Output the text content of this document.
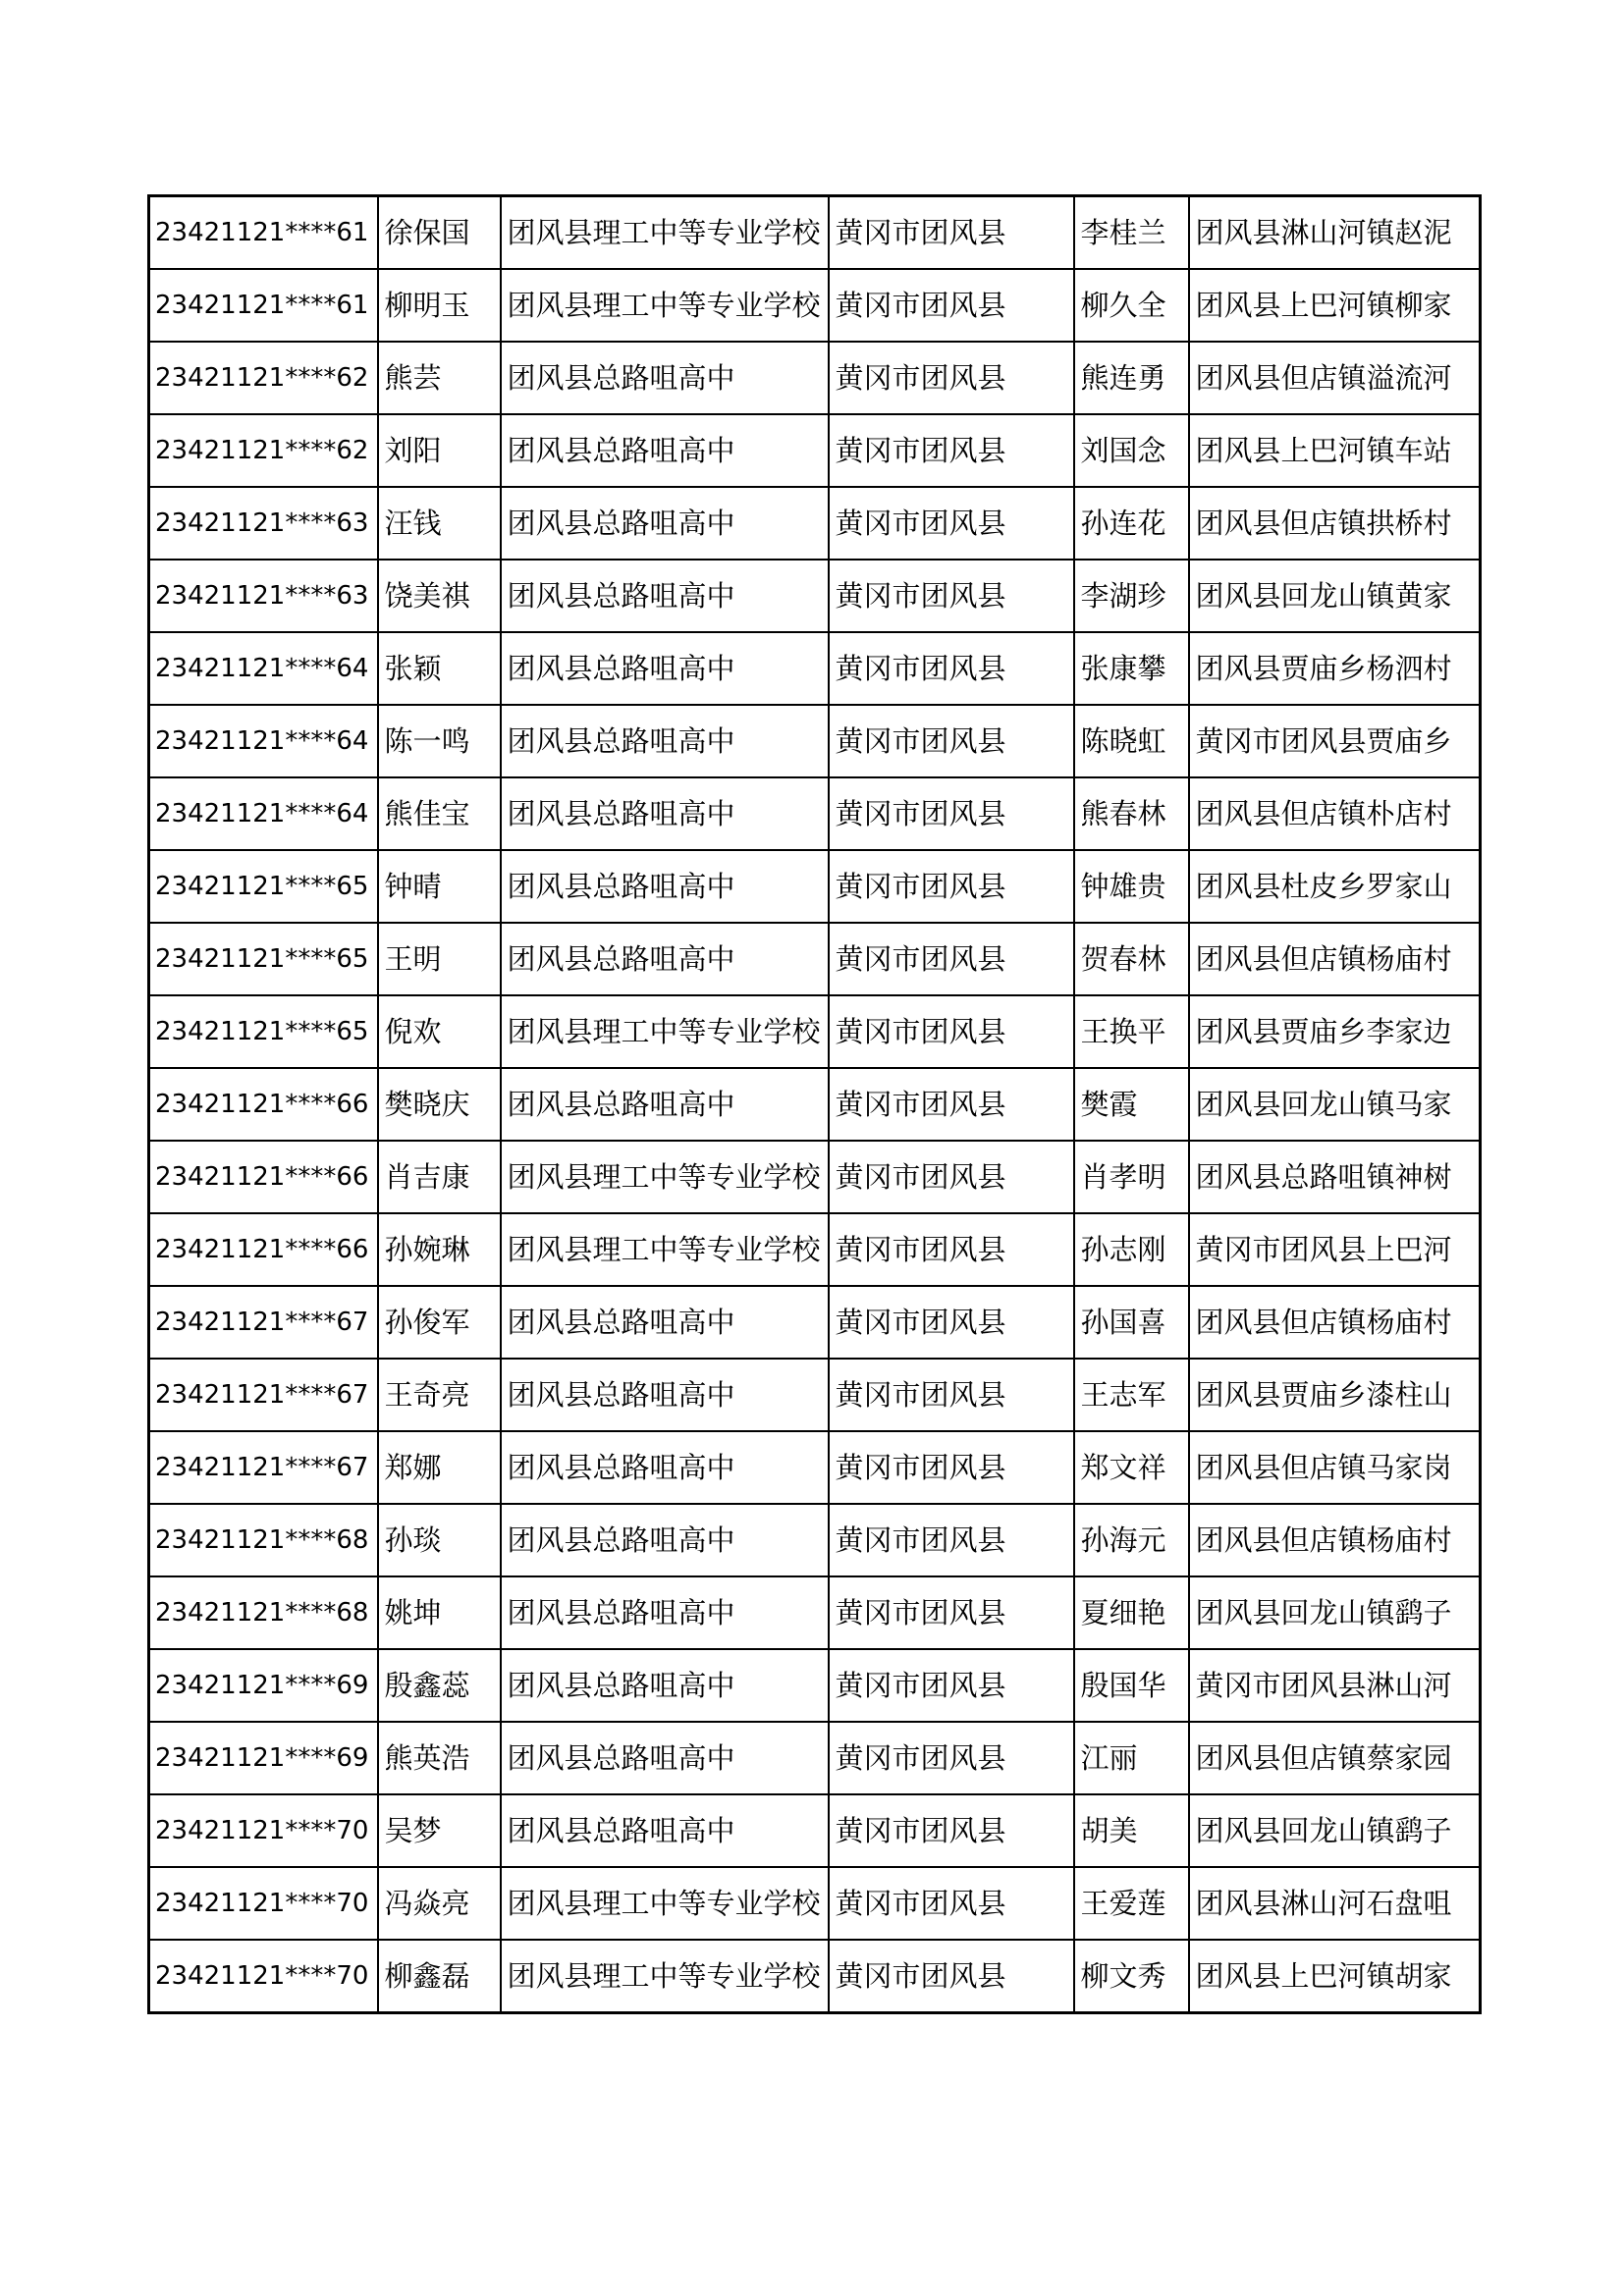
23421121****61	徐保国	团风县理工中等专业学校	黄冈市团风县	李桂兰	团风县淋山河镇赵泥
23421121****61	柳明玉	团风县理工中等专业学校	黄冈市团风县	柳久全	团风县上巴河镇柳家
23421121****62	熊芸	团风县总路咀高中	黄冈市团风县	熊连勇	团风县但店镇溢流河
23421121****62	刘阳	团风县总路咀高中	黄冈市团风县	刘国念	团风县上巴河镇车站
23421121****63	汪钱	团风县总路咀高中	黄冈市团风县	孙连花	团风县但店镇拱桥村
23421121****63	饶美祺	团风县总路咀高中	黄冈市团风县	李湖珍	团风县回龙山镇黄家
23421121****64	张颖	团风县总路咀高中	黄冈市团风县	张康攀	团风县贾庙乡杨泗村
23421121****64	陈一鸣	团风县总路咀高中	黄冈市团风县	陈晓虹	黄冈市团风县贾庙乡
23421121****64	熊佳宝	团风县总路咀高中	黄冈市团风县	熊春林	团风县但店镇朴店村
23421121****65	钟晴	团风县总路咀高中	黄冈市团风县	钟雄贵	团风县杜皮乡罗家山
23421121****65	王明	团风县总路咀高中	黄冈市团风县	贺春林	团风县但店镇杨庙村
23421121****65	倪欢	团风县理工中等专业学校	黄冈市团风县	王换平	团风县贾庙乡李家边
23421121****66	樊晓庆	团风县总路咀高中	黄冈市团风县	樊霞	团风县回龙山镇马家
23421121****66	肖吉康	团风县理工中等专业学校	黄冈市团风县	肖孝明	团风县总路咀镇神树
23421121****66	孙婉琳	团风县理工中等专业学校	黄冈市团风县	孙志刚	黄冈市团风县上巴河
23421121****67	孙俊军	团风县总路咀高中	黄冈市团风县	孙国喜	团风县但店镇杨庙村
23421121****67	王奇亮	团风县总路咀高中	黄冈市团风县	王志军	团风县贾庙乡漆柱山
23421121****67	郑娜	团风县总路咀高中	黄冈市团风县	郑文祥	团风县但店镇马家岗
23421121****68	孙琰	团风县总路咀高中	黄冈市团风县	孙海元	团风县但店镇杨庙村
23421121****68	姚坤	团风县总路咀高中	黄冈市团风县	夏细艳	团风县回龙山镇鹞子
23421121****69	殷鑫蕊	团风县总路咀高中	黄冈市团风县	殷国华	黄冈市团风县淋山河
23421121****69	熊英浩	团风县总路咀高中	黄冈市团风县	江丽	团风县但店镇蔡家园
23421121****70	吴梦	团风县总路咀高中	黄冈市团风县	胡美	团风县回龙山镇鹞子
23421121****70	冯焱亮	团风县理工中等专业学校	黄冈市团风县	王爱莲	团风县淋山河石盘咀
23421121****70	柳鑫磊	团风县理工中等专业学校	黄冈市团风县	柳文秀	团风县上巴河镇胡家
